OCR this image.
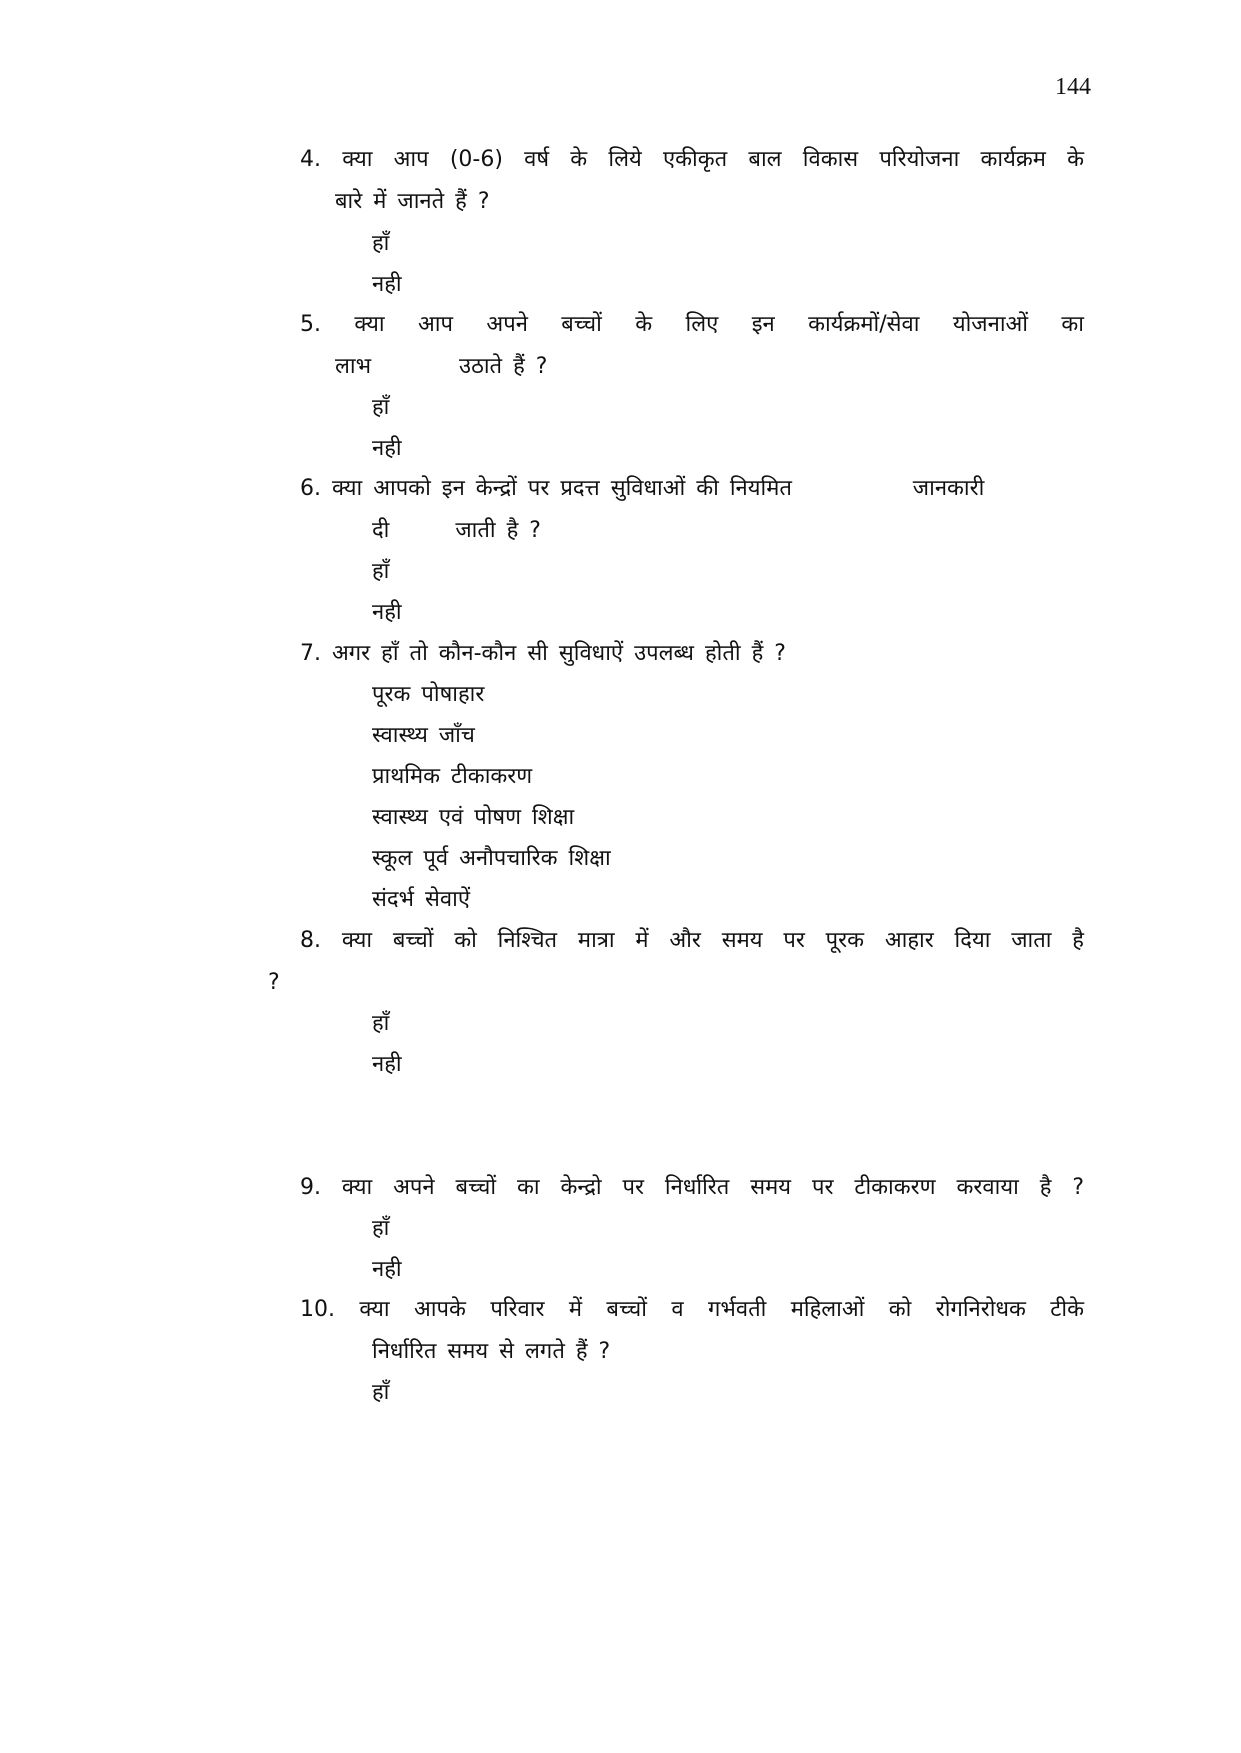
144
4. क्या आप (0-6) वर्ष के लिये एकीकृत बाल विकास परियोजना कार्यक्रम के
बारे में जानते हैं ?
हाँ
नही
5. क्या आप अपने बच्चों के लिए इन कार्यक्रमों/सेवा योजनाओं का
लाभ        उठाते हैं ?
हाँ
नही
6. क्या आपको इन केन्द्रों पर प्रदत्त सुविधाओं की नियमित           जानकारी
दी      जाती है ?
हाँ
नही
7. अगर हाँ तो कौन-कौन सी सुविधाऐं उपलब्ध होती हैं ?
पूरक पोषाहार
स्वास्थ्य जाँच
प्राथमिक टीकाकरण
स्वास्थ्य एवं पोषण शिक्षा
स्कूल पूर्व अनौपचारिक शिक्षा
संदर्भ सेवाऐं
8. क्या बच्चों को निश्चित मात्रा में और समय पर पूरक आहार दिया जाता है
?
हाँ
नही
9. क्या अपने बच्चों का केन्द्रो पर निर्धारित समय पर टीकाकरण करवाया है ?
हाँ
नही
10. क्या आपके परिवार में बच्चों व गर्भवती महिलाओं को रोगनिरोधक टीके
निर्धारित समय से लगते हैं ?
हाँ
